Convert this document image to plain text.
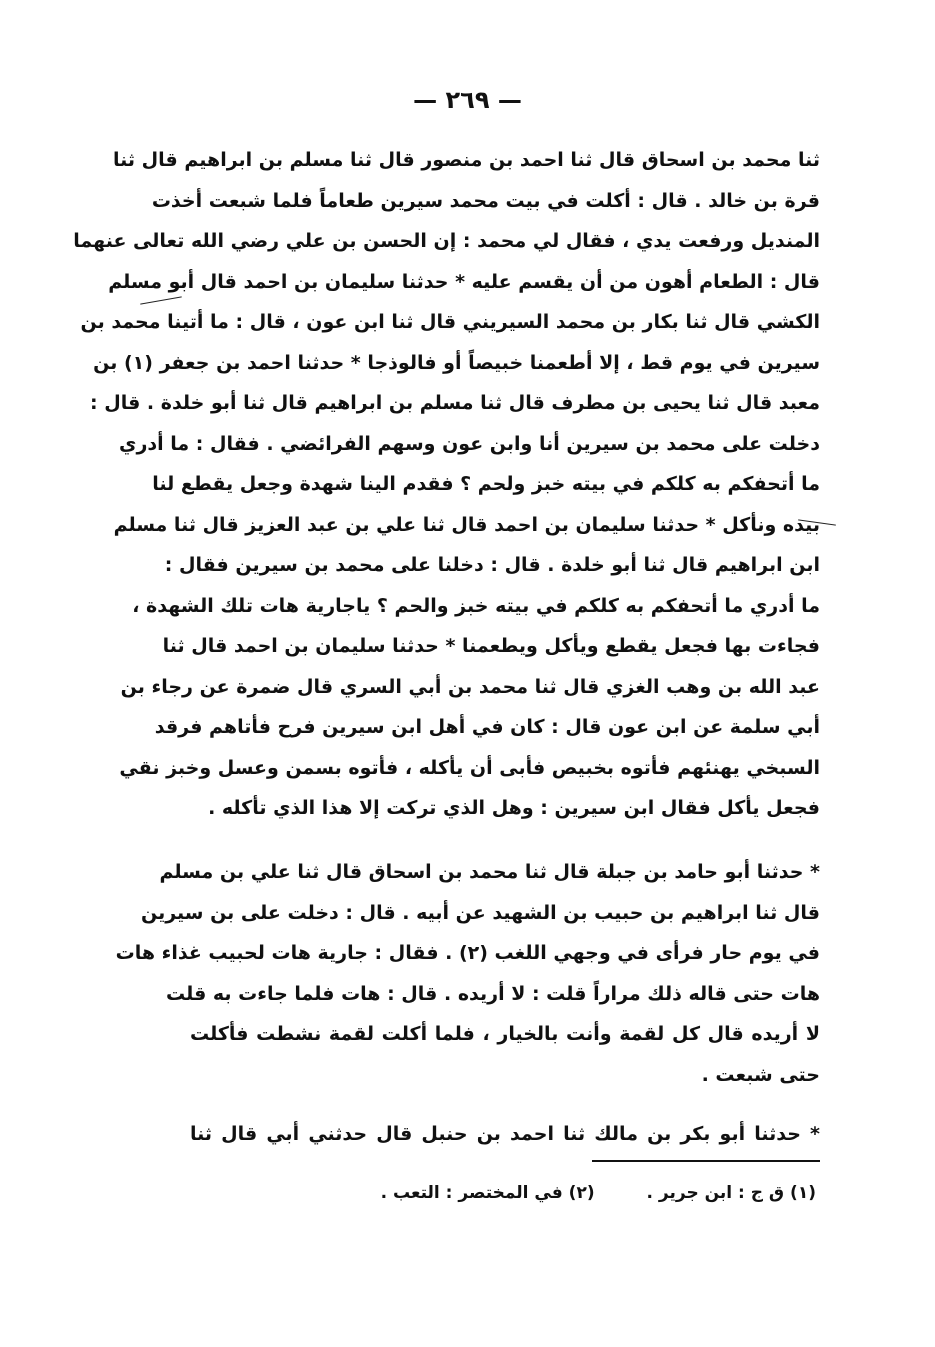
— ٢٦٩ —
ثنا محمد بن اسحاق قال ثنا احمد بن منصور قال ثنا مسلم بن ابراهيم قال ثنا
قرة بن خالد . قال : أكلت في بيت محمد سيرين طعاماً فلما شبعت أخذت
المنديل ورفعت يدي ، فقال لي محمد : إن الحسن بن علي رضي الله تعالى عنهما
قال : الطعام أهون من أن يقسم عليه * حدثنا سليمان بن احمد قال أبو مسلم
الكشي قال ثنا بكار بن محمد السيريني قال ثنا ابن عون ، قال : ما أتينا محمد بن
سيرين في يوم قط ، إلا أطعمنا خبيصاً أو فالوذجا * حدثنا احمد بن جعفر (١) بن
معبد قال ثنا يحيى بن مطرف قال ثنا مسلم بن ابراهيم قال ثنا أبو خلدة . قال :
دخلت على محمد بن سيرين أنا وابن عون وسهم الفرائضي . فقال : ما أدري
ما أتحفكم به كلكم في بيته خبز ولحم ؟ فقدم الينا شهدة وجعل يقطع لنا
بيده ونأكل * حدثنا سليمان بن احمد قال ثنا علي بن عبد العزيز قال ثنا مسلم
ابن ابراهيم قال ثنا أبو خلدة . قال : دخلنا على محمد بن سيرين فقال :
ما أدري ما أتحفكم به كلكم في بيته خبز والحم ؟ ياجارية هات تلك الشهدة ،
فجاءت بها فجعل يقطع ويأكل ويطعمنا * حدثنا سليمان بن احمد قال ثنا
عبد الله بن وهب الغزي قال ثنا محمد بن أبي السري قال ضمرة عن رجاء بن
أبي سلمة عن ابن عون قال : كان في أهل ابن سيرين فرح فأتاهم فرقد
السبخي يهنئهم فأتوه بخبيص فأبى أن يأكله ، فأتوه بسمن وعسل وخبز نقي
فجعل يأكل فقال ابن سيرين : وهل الذي تركت إلا هذا الذي تأكله .
* حدثنا أبو حامد بن جبلة قال ثنا محمد بن اسحاق قال ثنا علي بن مسلم
قال ثنا ابراهيم بن حبيب بن الشهيد عن أبيه . قال : دخلت على بن سيرين
في يوم حار فرأى في وجهي اللغب (٢) . فقال : جارية هات لحبيب غذاء هات
هات حتى قاله ذلك مراراً قلت : لا أريده . قال : هات فلما جاءت به قلت
لا أريده قال كل لقمة وأنت بالخيار ، فلما أكلت لقمة نشطت فأكلت
حتى شبعت .
* حدثنا أبو بكر بن مالك ثنا احمد بن حنبل قال حدثني أبي قال ثنا
(١) ق ج : ابن جرير . (٢) في المختصر : التعب .
